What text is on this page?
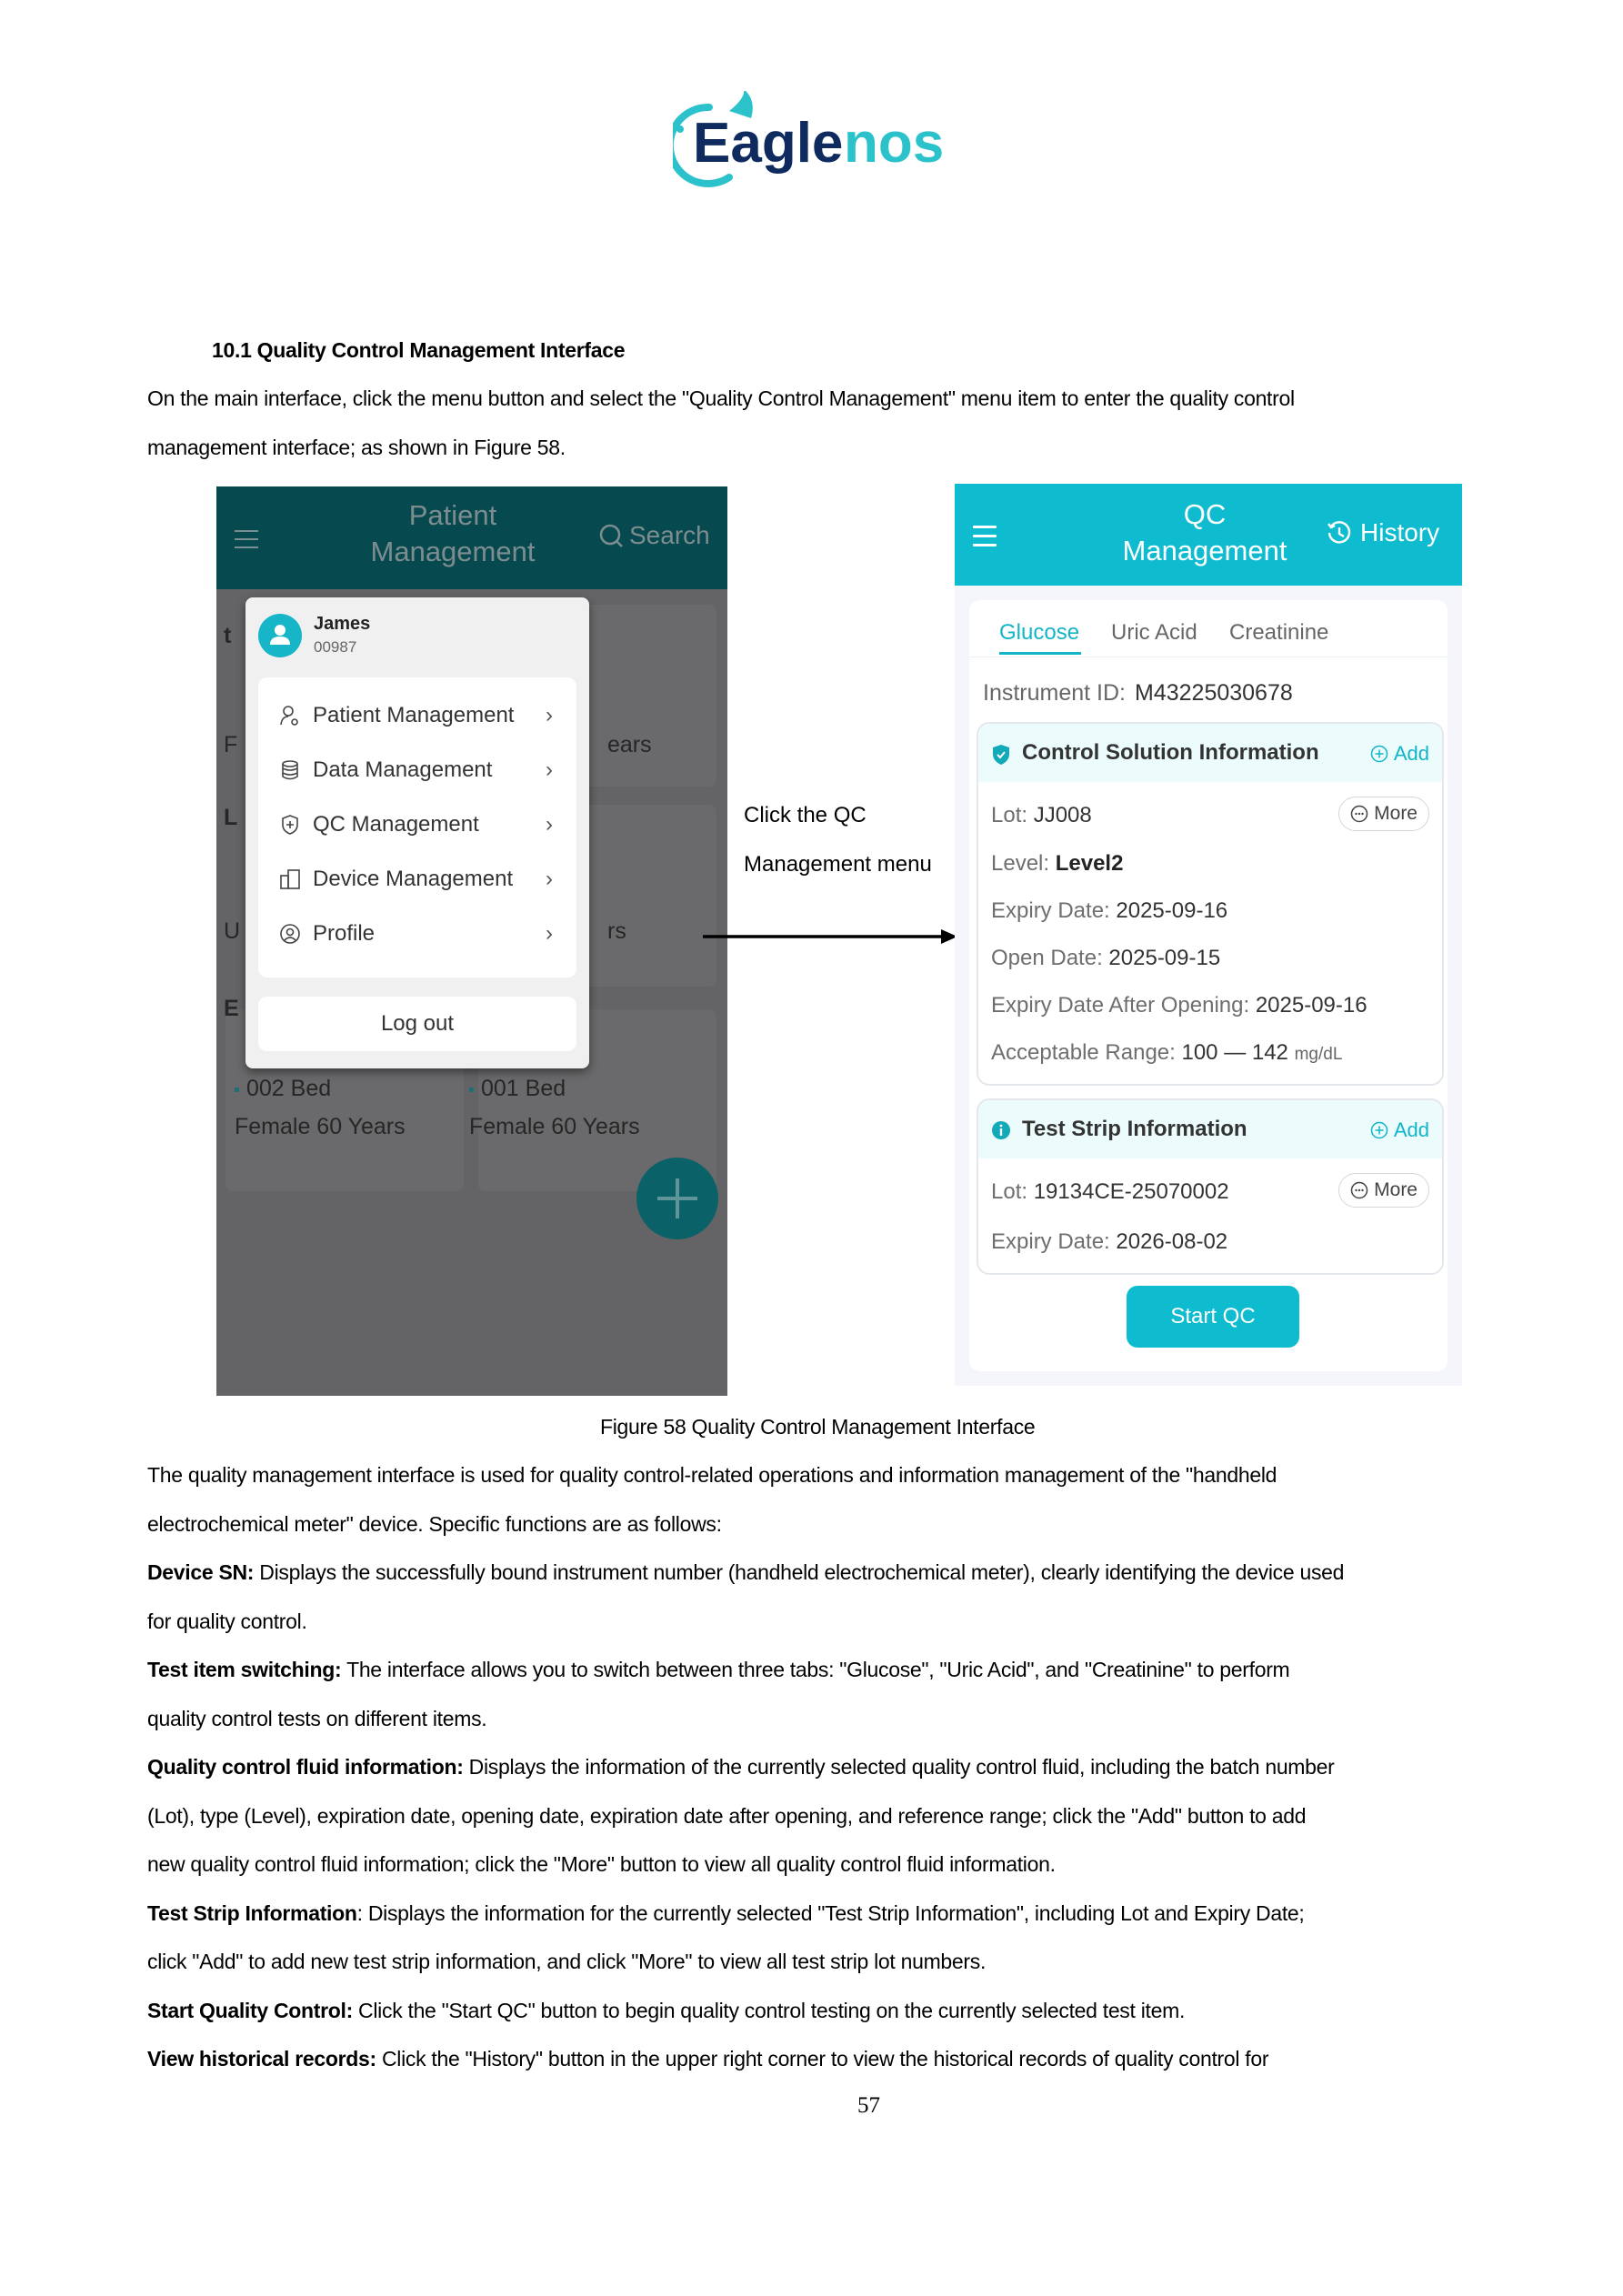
Eagle nos
10.1 Quality Control Management Interface
On the main interface, click the menu button and select the "Quality Control Management" menu item to enter the quality control
management interface; as shown in Figure 58.
Patient
Management
Search
t
F	ears
L
U	rs
E
002 Bed
Female 60 Years
001 Bed
Female 60 Years
James
00987
Patient Management ›
Data Management ›
QC Management	›
Device Management ›
Profile	›
Log out
Click the QC
Management menu
QC
Management
History
Glucose Uric Acid Creatinine
Instrument ID: M43225030678
Control Solution Information	Add
Lot: JJ008	More
Level: Level2
Expiry Date: 2025-09-16
Open Date: 2025-09-15
Expiry Date After Opening: 2025-09-16
Acceptable Range: 100 — 142 mg/dL
Test Strip Information	Add
Lot: 19134CE-25070002	More
Expiry Date: 2026-08-02
Start QC
Figure 58 Quality Control Management Interface
The quality management interface is used for quality control-related operations and information management of the "handheld
electrochemical meter" device. Specific functions are as follows:
Device SN: Displays the successfully bound instrument number (handheld electrochemical meter), clearly identifying the device used
for quality control.
Test item switching: The interface allows you to switch between three tabs: "Glucose", "Uric Acid", and "Creatinine" to perform
quality control tests on different items.
Quality control fluid information: Displays the information of the currently selected quality control fluid, including the batch number
(Lot), type (Level), expiration date, opening date, expiration date after opening, and reference range; click the "Add" button to add
new quality control fluid information; click the "More" button to view all quality control fluid information.
Test Strip Information: Displays the information for the currently selected "Test Strip Information", including Lot and Expiry Date;
click "Add" to add new test strip information, and click "More" to view all test strip lot numbers.
Start Quality Control: Click the "Start QC" button to begin quality control testing on the currently selected test item.
View historical records: Click the "History" button in the upper right corner to view the historical records of quality control for
57
